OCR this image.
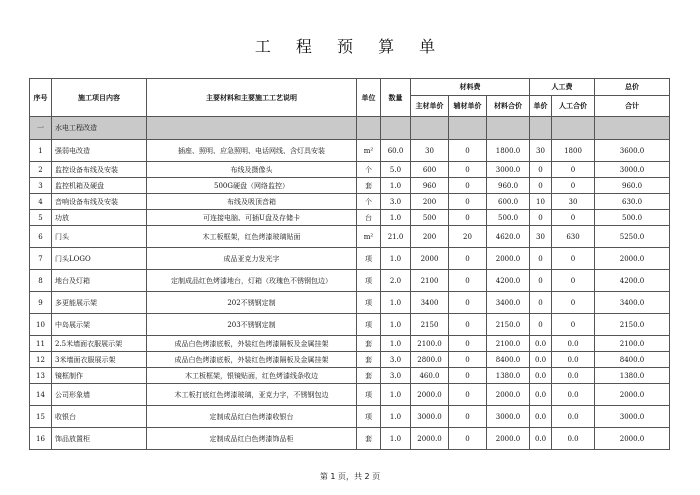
工 程 预 算 单
序号	施工项目内容	主要材料和主要施工工艺说明	单位	数量	材料费			人工费		总价
					主材单价	辅材单价	材料合价	单价	人工合价	合计
一	水电工程改造									
1	强弱电改造	插座、照明、应急照明、电话网线、含灯具安装	m²	60.0	30	0	1800.0	30	1800	3600.0
2	监控设备布线及安装	布线及摄像头	个	5.0	600	0	3000.0	0	0	3000.0
3	监控机箱及硬盘	500G硬盘（网络监控）	套	1.0	960	0	960.0	0	0	960.0
4	音响设备布线及安装	布线及吸顶音箱	个	3.0	200	0	600.0	10	30	630.0
5	功放	可连接电脑、可插U盘及存储卡	台	1.0	500	0	500.0	0	0	500.0
6	门头	木工板框架，红色烤漆玻璃贴面	m²	21.0	200	20	4620.0	30	630	5250.0
7	门头LOGO	成品亚克力发光字	项	1.0	2000	0	2000.0	0	0	2000.0
8	地台及灯箱	定制成品红色烤漆地台，灯箱（玫瑰色不锈钢包边）	项	2.0	2100	0	4200.0	0	0	4200.0
9	多更能展示架	202不锈钢定制	项	1.0	3400	0	3400.0	0	0	3400.0
10	中岛展示架	203不锈钢定制	项	1.0	2150	0	2150.0	0	0	2150.0
11	2.5米墙面衣服展示架	成品白色烤漆底板，外装红色烤漆隔板及金属挂架	套	1.0	2100.0	0	2100.0	0.0	0.0	2100.0
12	3米墙面衣服展示架	成品白色烤漆底板，外装红色烤漆隔板及金属挂架	套	3.0	2800.0	0	8400.0	0.0	0.0	8400.0
13	镜框制作	木工板框架，银镜贴面，红色烤漆线条收边	套	3.0	460.0	0	1380.0	0.0	0.0	1380.0
14	公司形象墙	木工板打底红色烤漆玻璃，亚克力字，不锈钢包边	项	1.0	2000.0	0	2000.0	0.0	0.0	2000.0
15	收银台	定制成品红白色烤漆收银台	项	1.0	3000.0	0	3000.0	0.0	0.0	3000.0
16	饰品放置柜	定制成品红白色烤漆饰品柜	套	1.0	2000.0	0	2000.0	0.0	0.0	2000.0
第 1 页，共 2 页
